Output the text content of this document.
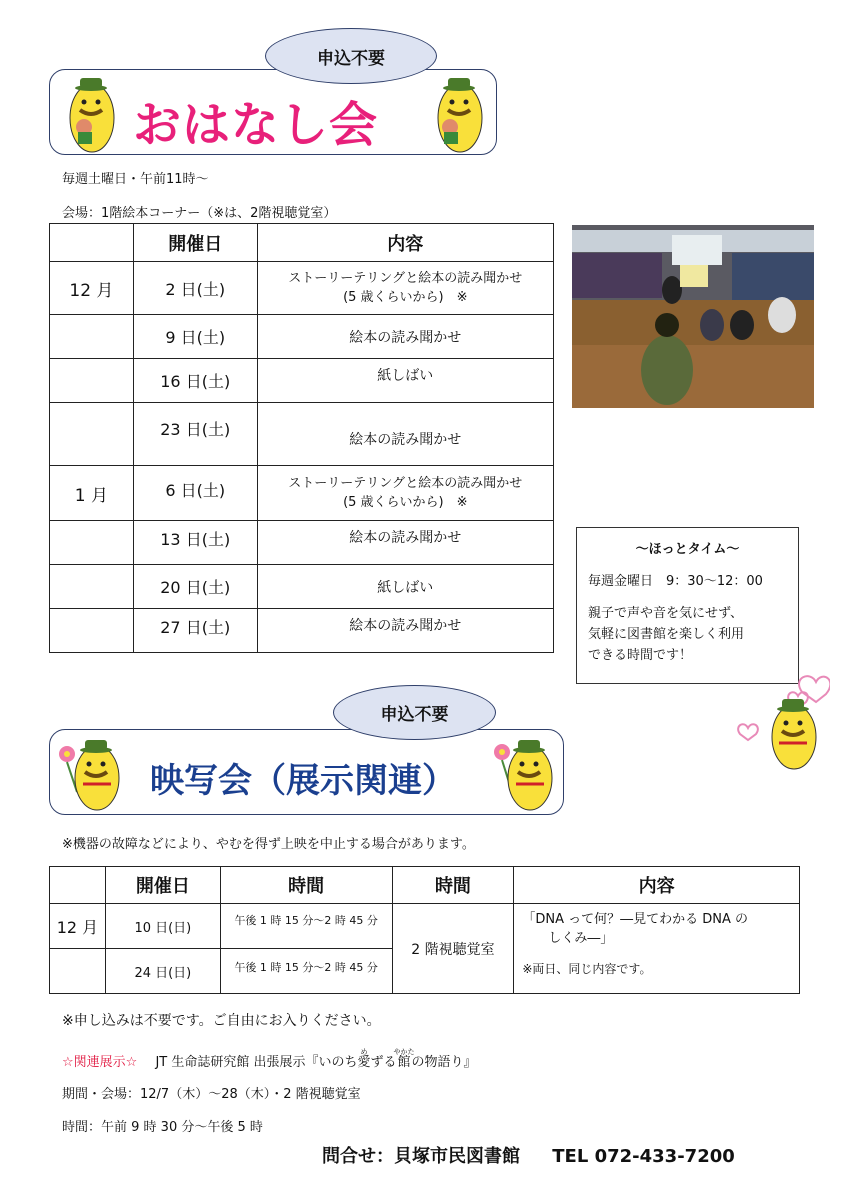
申込不要
おはなし会
毎週土曜日・午前11時〜
会場：1階絵本コーナー（※は、2階視聴覚室）
	開催日	内容
12 月	2 日(土)	ストーリーテリングと絵本の読み聞かせ
(5 歳くらいから)　※
	9 日(土)	絵本の読み聞かせ
	16 日(土)	紙しばい
	23 日(土)	絵本の読み聞かせ
1 月	6 日(土)	ストーリーテリングと絵本の読み聞かせ
(5 歳くらいから)　※
	13 日(土)	絵本の読み聞かせ
	20 日(土)	紙しばい
	27 日(土)	絵本の読み聞かせ
〜ほっとタイム〜
毎週金曜日　9：30〜12：00
親子で声や音を気にせず、
気軽に図書館を楽しく利用
できる時間です！
申込不要
映写会（展示関連）
※機器の故障などにより、やむを得ず上映を中止する場合があります。
	開催日	時間	時間	内容
12 月	10 日(日)	午後 1 時 15 分〜2 時 45 分	2 階視聴覚室	「DNA って何？―見てわかる DNA の
しくみ―」
※両日、同じ内容です。

	24 日(日)	午後 1 時 15 分〜2 時 45 分		
※申し込みは不要です。ご自由にお入りください。
☆関連展示☆ JT 生命誌研究館 出張展示『いのち愛めずる館やかたの物語り』
期間・会場：12/7（木）〜28（木）・2 階視聴覚室
時間：午前 9 時 30 分〜午後 5 時
問合せ：貝塚市民図書館 TEL 072-433-7200
